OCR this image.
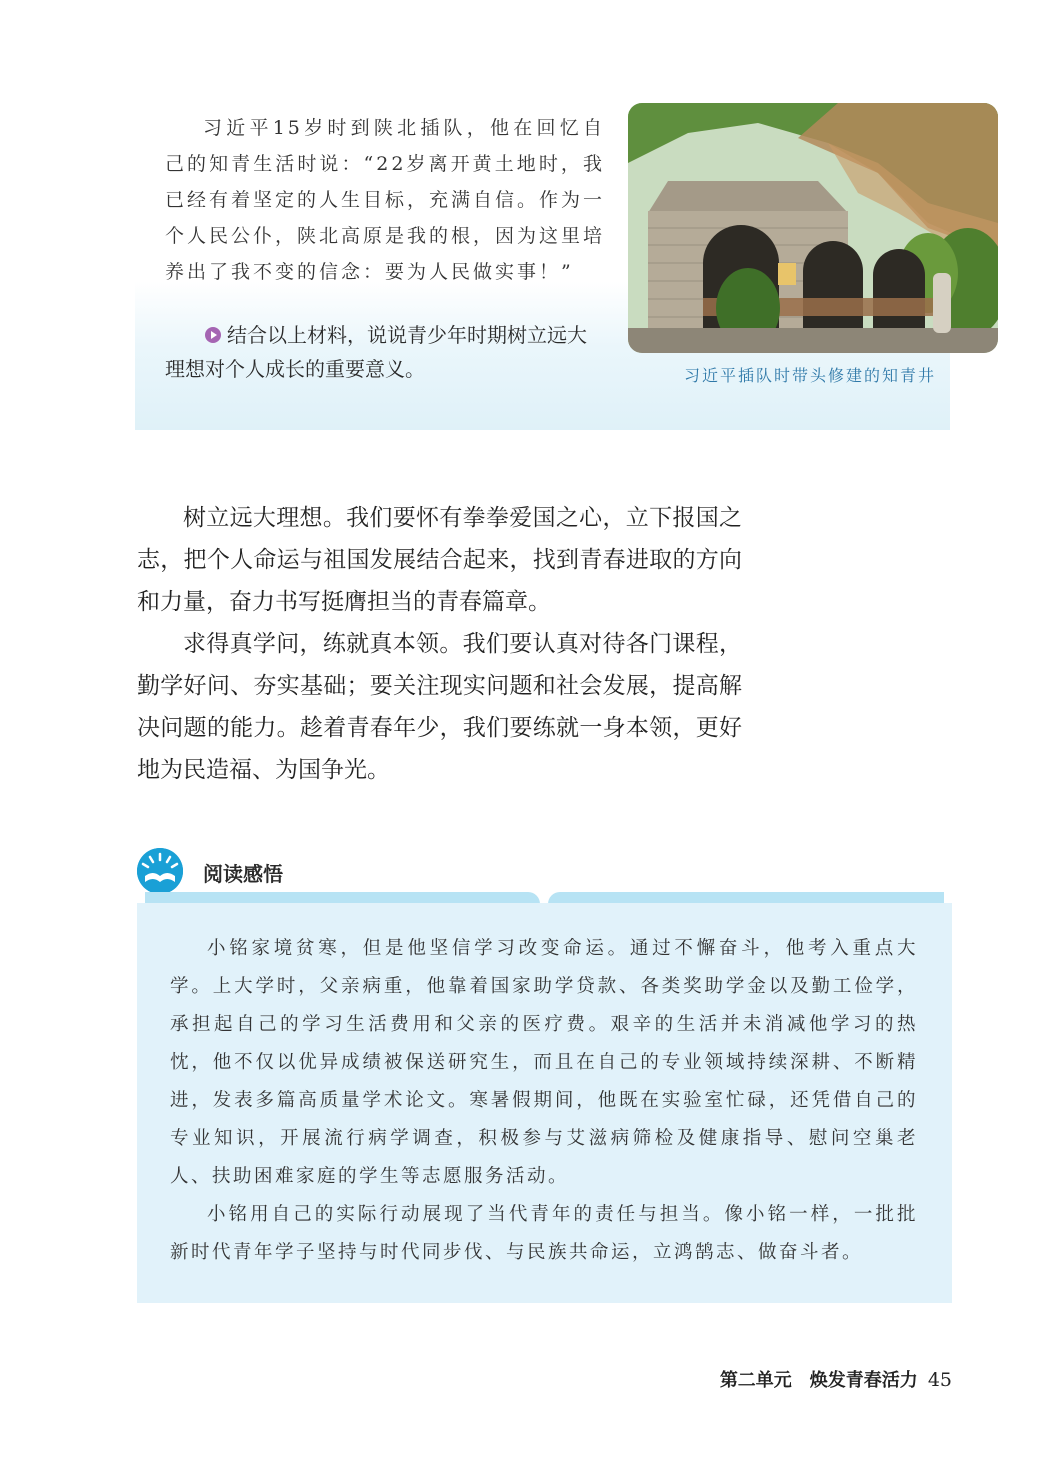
习近平15岁时到陕北插队，他在回忆自己的知青生活时说：“22岁离开黄土地时，我已经有着坚定的人生目标，充满自信。作为一个人民公仆，陕北高原是我的根，因为这里培养出了我不变的信念：要为人民做实事！”

结合以上材料，说说青少年时期树立远大理想对个人成长的重要意义。	习近平插队时带头修建的知青井

树立远大理想。我们要怀有拳拳爱国之心，立下报国之志，把个人命运与祖国发展结合起来，找到青春进取的方向和力量，奋力书写挺膺担当的青春篇章。

求得真学问，练就真本领。我们要认真对待各门课程，勤学好问、夯实基础；要关注现实问题和社会发展，提高解决问题的能力。趁着青春年少，我们要练就一身本领，更好地为民造福、为国争光。

阅读感悟

小铭家境贫寒，但是他坚信学习改变命运。通过不懈奋斗，他考入重点大学。上大学时，父亲病重，他靠着国家助学贷款、各类奖助学金以及勤工俭学，承担起自己的学习生活费用和父亲的医疗费。艰辛的生活并未消减他学习的热忱，他不仅以优异成绩被保送研究生，而且在自己的专业领域持续深耕、不断精进，发表多篇高质量学术论文。寒暑假期间，他既在实验室忙碌，还凭借自己的专业知识，开展流行病学调查，积极参与艾滋病筛检及健康指导、慰问空巢老人、扶助困难家庭的学生等志愿服务活动。

小铭用自己的实际行动展现了当代青年的责任与担当。像小铭一样，一批批新时代青年学子坚持与时代同步伐、与民族共命运，立鸿鹄志、做奋斗者。

第二单元　焕发青春活力 45
